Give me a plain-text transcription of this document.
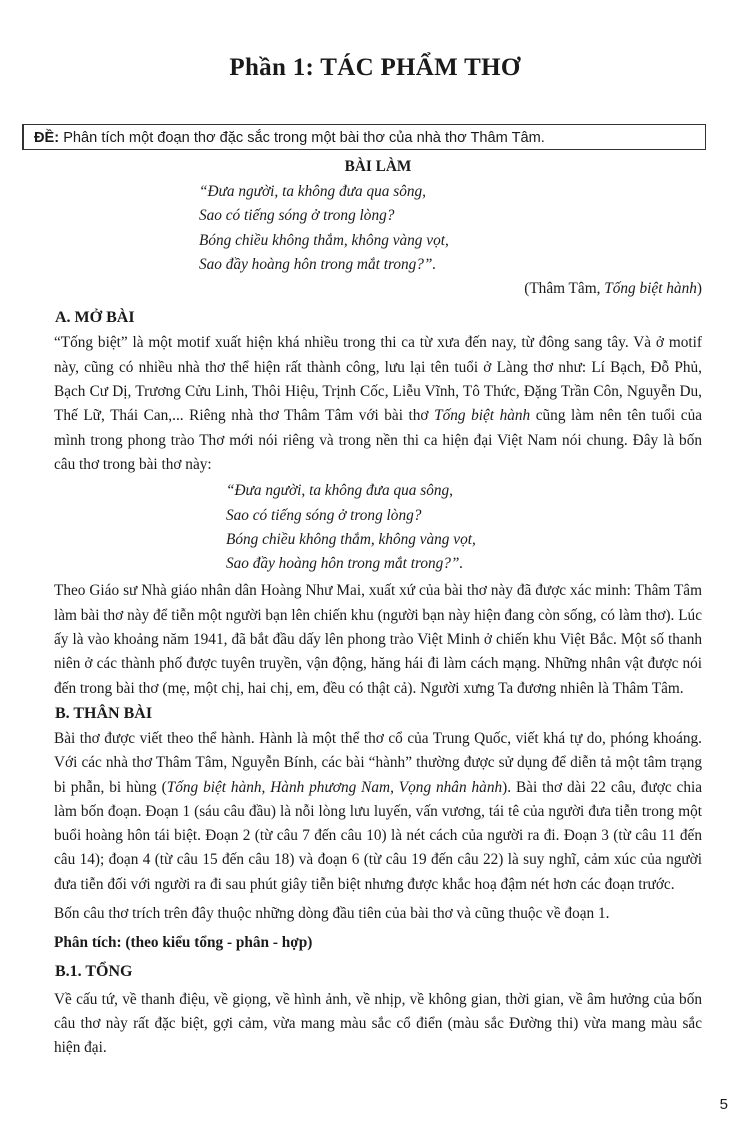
Phần 1: TÁC PHẨM THƠ
ĐỀ: Phân tích một đoạn thơ đặc sắc trong một bài thơ của nhà thơ Thâm Tâm.

BÀI LÀM

“Đưa người, ta không đưa qua sông,

Sao có tiếng sóng ở trong lòng?

Bóng chiều không thắm, không vàng vọt,

Sao đầy hoàng hôn trong mắt trong?”.

(Thâm Tâm, Tống biệt hành)

A. MỞ BÀI

“Tống biệt” là một motif xuất hiện khá nhiều trong thi ca từ xưa đến nay, từ đông sang tây. Và ở motif này, cũng có nhiều nhà thơ thể hiện rất thành công, lưu lại tên tuổi ở Làng thơ như: Lí Bạch, Đỗ Phủ, Bạch Cư Dị, Trương Cửu Linh, Thôi Hiệu, Trịnh Cốc, Liễu Vĩnh, Tô Thức, Đặng Trần Côn, Nguyễn Du, Thế Lữ, Thái Can,... Riêng nhà thơ Thâm Tâm với bài thơ Tống biệt hành cũng làm nên tên tuổi của mình trong phong trào Thơ mới nói riêng và trong nền thi ca hiện đại Việt Nam nói chung. Đây là bốn câu thơ trong bài thơ này:

“Đưa người, ta không đưa qua sông,

Sao có tiếng sóng ở trong lòng?

Bóng chiều không thắm, không vàng vọt,

Sao đầy hoàng hôn trong mắt trong?”.

Theo Giáo sư Nhà giáo nhân dân Hoàng Như Mai, xuất xứ của bài thơ này đã được xác minh: Thâm Tâm làm bài thơ này để tiễn một người bạn lên chiến khu (người bạn này hiện đang còn sống, có làm thơ). Lúc ấy là vào khoảng năm 1941, đã bắt đầu dấy lên phong trào Việt Minh ở chiến khu Việt Bắc. Một số thanh niên ở các thành phố được tuyên truyền, vận động, hăng hái đi làm cách mạng. Những nhân vật được nói đến trong bài thơ (mẹ, một chị, hai chị, em, đều có thật cả). Người xưng Ta đương nhiên là Thâm Tâm.

B. THÂN BÀI

Bài thơ được viết theo thể hành. Hành là một thể thơ cổ của Trung Quốc, viết khá tự do, phóng khoáng. Với các nhà thơ Thâm Tâm, Nguyễn Bính, các bài “hành” thường được sử dụng để diễn tả một tâm trạng bi phẫn, bi hùng (Tống biệt hành, Hành phương Nam, Vọng nhân hành). Bài thơ dài 22 câu, được chia làm bốn đoạn. Đoạn 1 (sáu câu đầu) là nỗi lòng lưu luyến, vấn vương, tái tê của người đưa tiễn trong một buổi hoàng hôn tái biệt. Đoạn 2 (từ câu 7 đến câu 10) là nét cách của người ra đi. Đoạn 3 (từ câu 11 đến câu 14); đoạn 4 (từ câu 15 đến câu 18) và đoạn 6 (từ câu 19 đến câu 22) là suy nghĩ, cảm xúc của người đưa tiễn đối với người ra đi sau phút giây tiễn biệt nhưng được khắc hoạ đậm nét hơn các đoạn trước.

Bốn câu thơ trích trên đây thuộc những dòng đầu tiên của bài thơ và cũng thuộc về đoạn 1.

Phân tích: (theo kiểu tổng - phân - hợp)

B.1. TỔNG

Về cấu tứ, về thanh điệu, về giọng, về hình ảnh, về nhịp, về không gian, thời gian, về âm hưởng của bốn câu thơ này rất đặc biệt, gợi cảm, vừa mang màu sắc cổ điển (màu sắc Đường thi) vừa mang màu sắc hiện đại.

5
